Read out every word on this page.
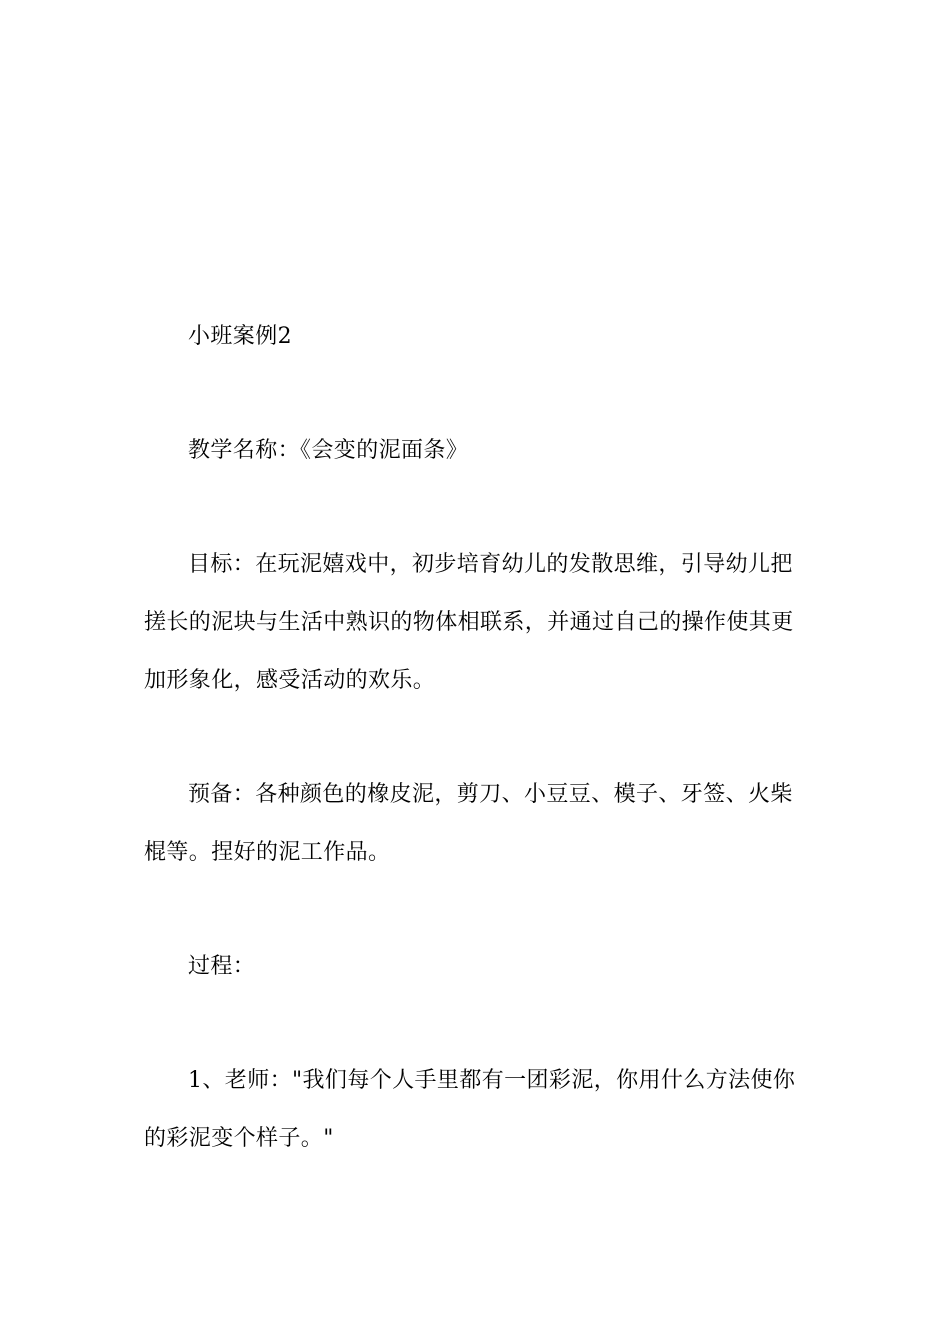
小班案例2

教学名称：《会变的泥面条》

目标：在玩泥嬉戏中，初步培育幼儿的发散思维，引导幼儿把搓长的泥块与生活中熟识的物体相联系，并通过自己的操作使其更加形象化，感受活动的欢乐。

预备：各种颜色的橡皮泥，剪刀、小豆豆、模子、牙签、火柴棍等。捏好的泥工作品。

过程：

1、老师："我们每个人手里都有一团彩泥，你用什么方法使你的彩泥变个样子。"
